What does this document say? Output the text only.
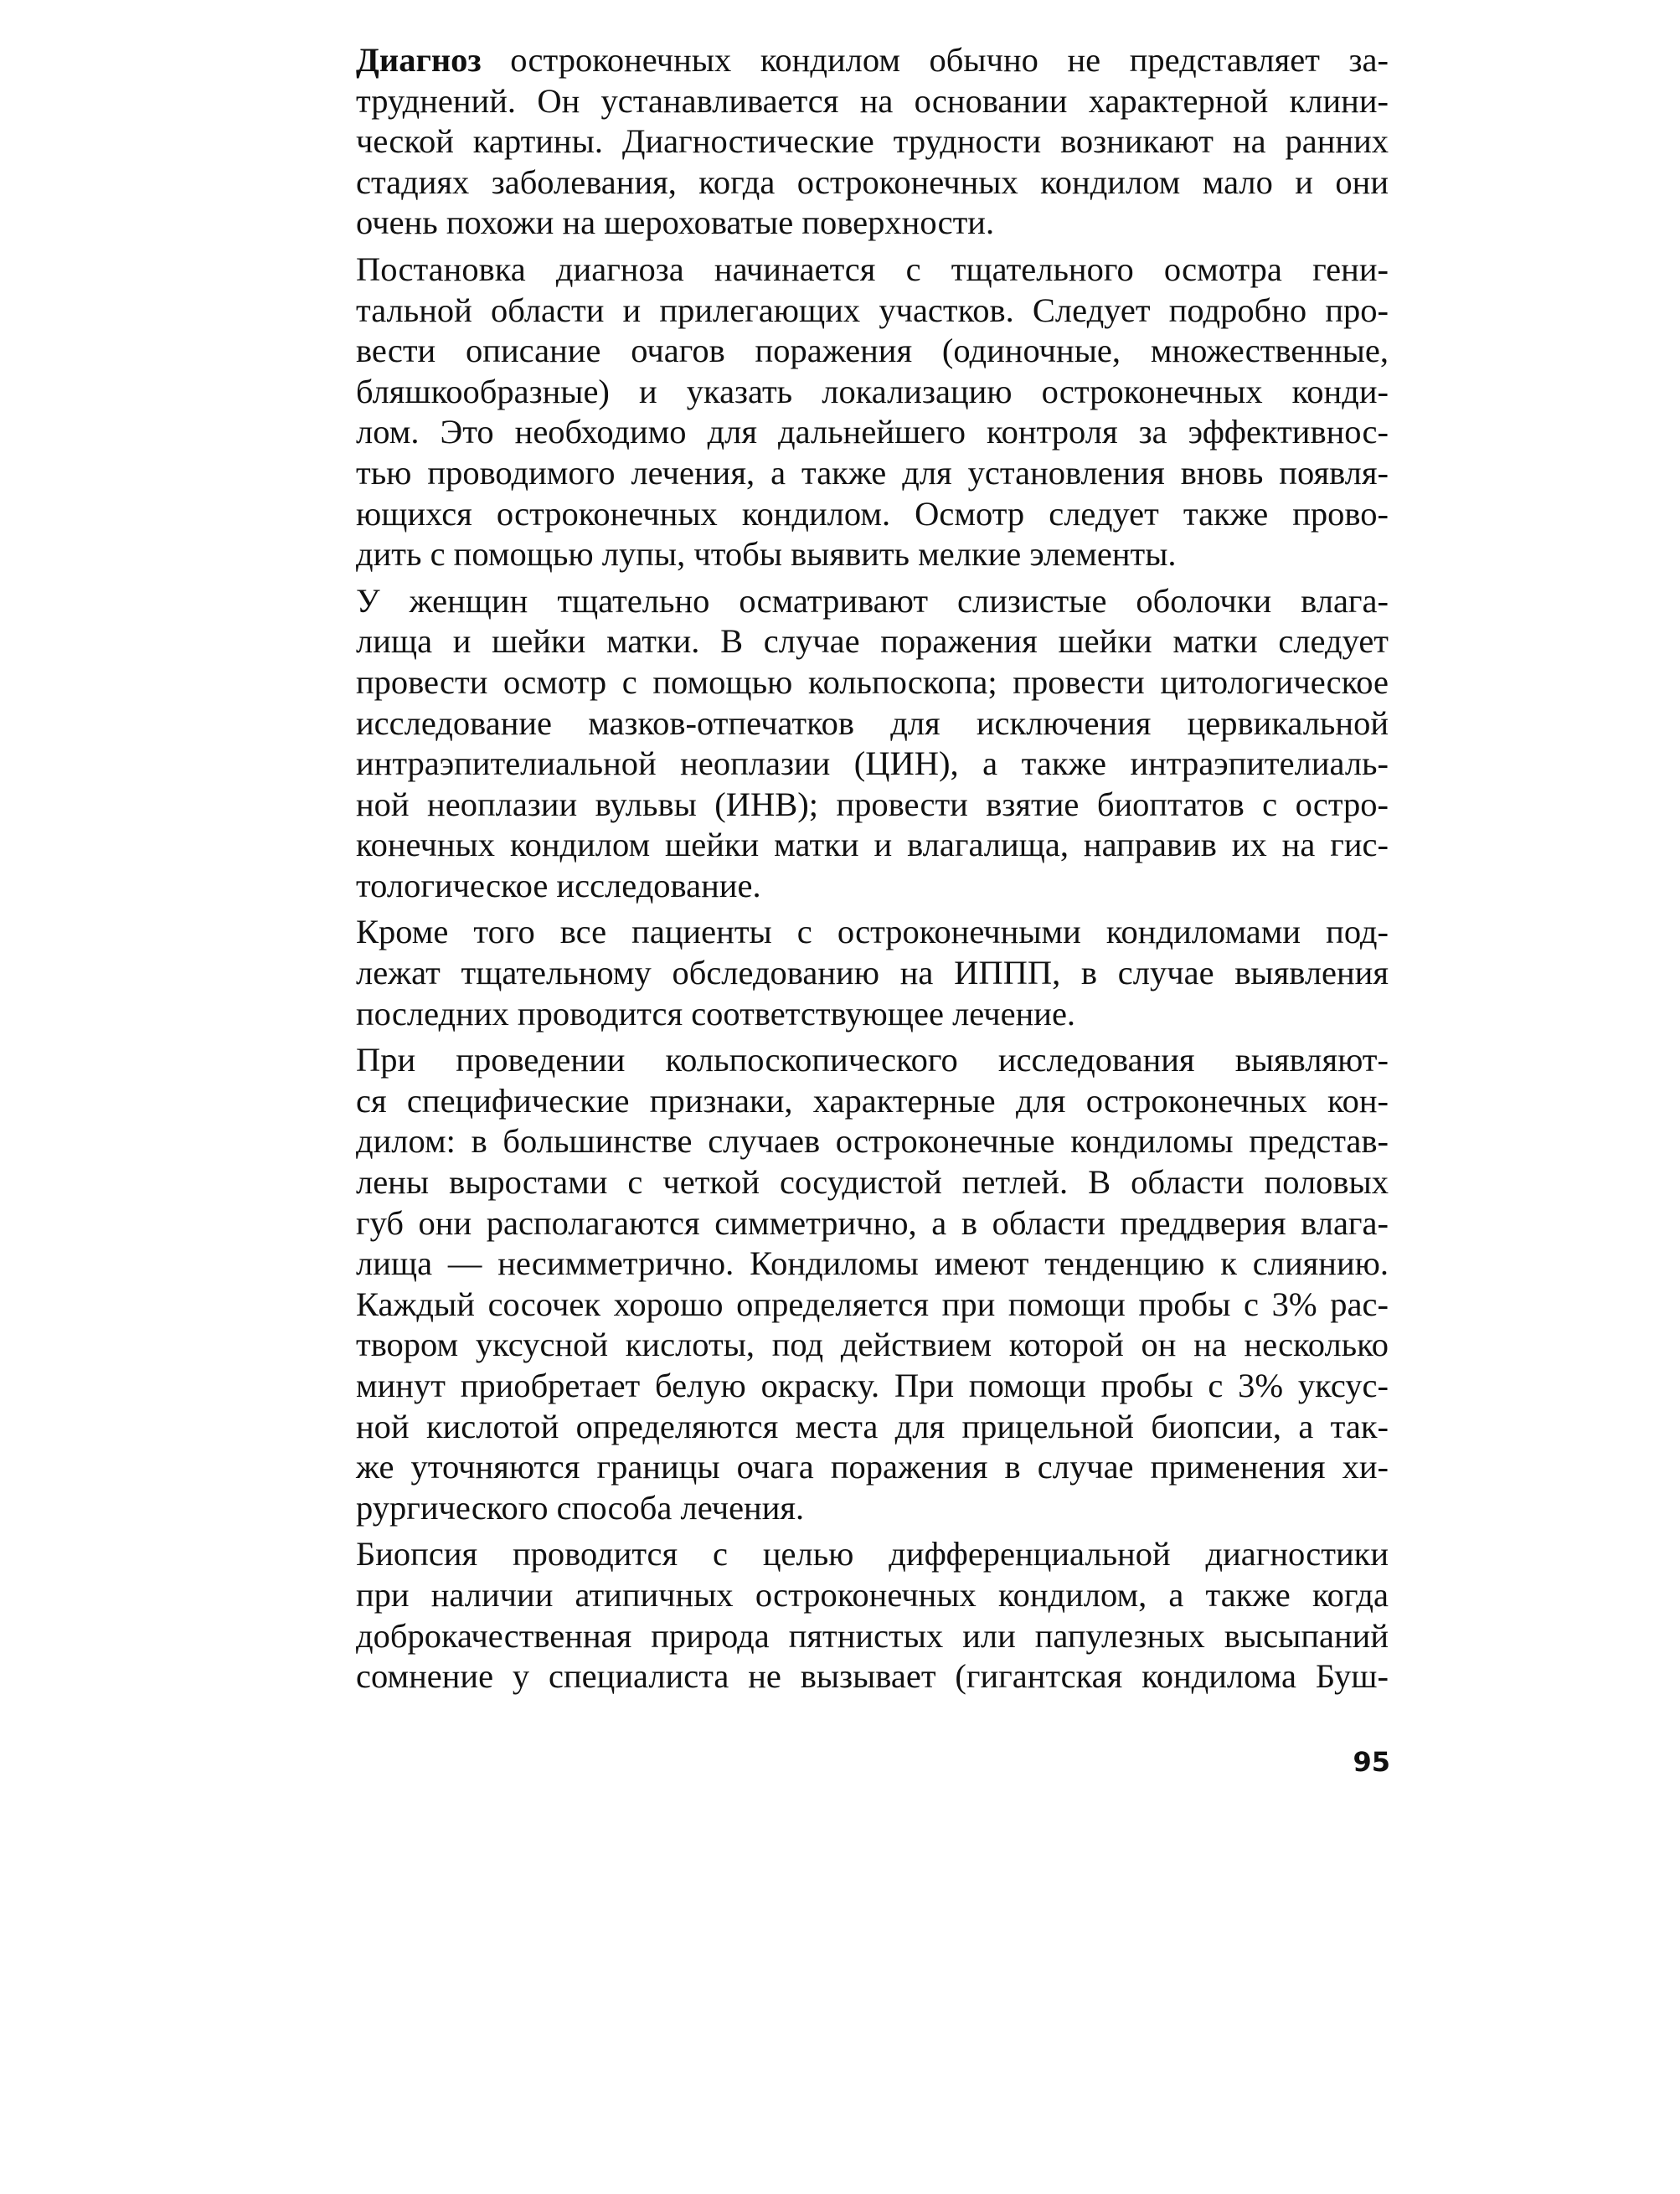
Диагноз остроконечных кондилом обычно не представляет за-
труднений. Он устанавливается на основании характерной клини-
ческой картины. Диагностические трудности возникают на ранних
стадиях заболевания, когда остроконечных кондилом мало и они
очень похожи на шероховатые поверхности.

Постановка диагноза начинается с тщательного осмотра гени-
тальной области и прилегающих участков. Следует подробно про-
вести описание очагов поражения (одиночные, множественные,
бляшкообразные) и указать локализацию остроконечных конди-
лом. Это необходимо для дальнейшего контроля за эффективнос-
тью проводимого лечения, а также для установления вновь появля-
ющихся остроконечных кондилом. Осмотр следует также прово-
дить с помощью лупы, чтобы выявить мелкие элементы.

У женщин тщательно осматривают слизистые оболочки влага-
лища и шейки матки. В случае поражения шейки матки следует
провести осмотр с помощью кольпоскопа; провести цитологическое
исследование мазков-отпечатков для исключения цервикальной
интраэпителиальной неоплазии (ЦИН), а также интраэпителиаль-
ной неоплазии вульвы (ИНВ); провести взятие биоптатов с остро-
конечных кондилом шейки матки и влагалища, направив их на гис-
тологическое исследование.

Кроме того все пациенты с остроконечными кондиломами под-
лежат тщательному обследованию на ИППП, в случае выявления
последних проводится соответствующее лечение.

При проведении кольпоскопического исследования выявляют-
ся специфические признаки, характерные для остроконечных кон-
дилом: в большинстве случаев остроконечные кондиломы представ-
лены выростами с четкой сосудистой петлей. В области половых
губ они располагаются симметрично, а в области преддверия влага-
лища — несимметрично. Кондиломы имеют тенденцию к слиянию.
Каждый сосочек хорошо определяется при помощи пробы с 3% рас-
твором уксусной кислоты, под действием которой он на несколько
минут приобретает белую окраску. При помощи пробы с 3% уксус-
ной кислотой определяются места для прицельной биопсии, а так-
же уточняются границы очага поражения в случае применения хи-
рургического способа лечения.

Биопсия проводится с целью дифференциальной диагностики
при наличии атипичных остроконечных кондилом, а также когда
доброкачественная природа пятнистых или папулезных высыпаний
сомнение у специалиста не вызывает (гигантская кондилома Буш-

95
